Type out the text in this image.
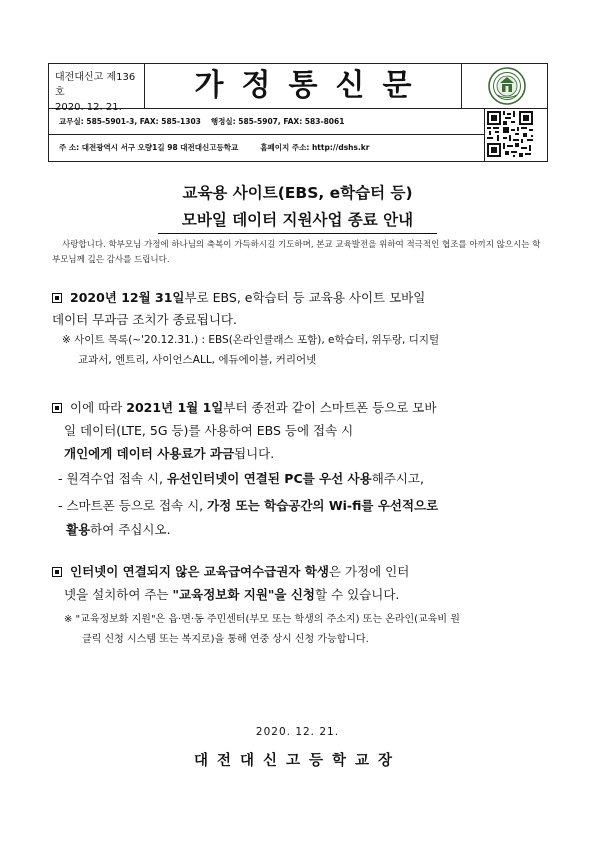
대전대신고 제136호
2020. 12. 21.
가정통신문
교무실: 585-5901-3, FAX: 585-1303 행정실: 585-5907, FAX: 583-8061
주 소: 대전광역시 서구 오량1길 98 대전대신고등학교	홈페이지 주소: http://dshs.kr
교육용 사이트(EBS, e학습터 등)
모바일 데이터 지원사업 종료 안내
사랑합니다. 학부모님 가정에 하나님의 축복이 가득하시길 기도하며, 본교 교육발전을 위하여 적극적인 협조를 아끼지 않으시는 학부모님께 깊은 감사를 드립니다.
2020년 12월 31일부로 EBS, e학습터 등 교육용 사이트 모바일
데이터 무과금 조치가 종료됩니다.
※ 사이트 목록(~'20.12.31.) : EBS(온라인클래스 포함), e학습터, 위두랑, 디지털
교과서, 엔트리, 사이언스ALL, 에듀에이블, 커리어넷
이에 따라 2021년 1월 1일부터 종전과 같이 스마트폰 등으로 모바
일 데이터(LTE, 5G 등)를 사용하여 EBS 등에 접속 시
개인에게 데이터 사용료가 과금됩니다.
- 원격수업 접속 시, 유선인터넷이 연결된 PC를 우선 사용해주시고,
- 스마트폰 등으로 접속 시, 가정 또는 학습공간의 Wi-fi를 우선적으로
활용하여 주십시오.
인터넷이 연결되지 않은 교육급여수급권자 학생은 가정에 인터
넷을 설치하여 주는 "교육정보화 지원"을 신청할 수 있습니다.
※ "교육정보화 지원"은 읍·면·동 주민센터(부모 또는 학생의 주소지) 또는 온라인(교육비 원
클릭 신청 시스템 또는 복지로)을 통해 연중 상시 신청 가능합니다.
2020. 12. 21.
대전대신고등학교장
